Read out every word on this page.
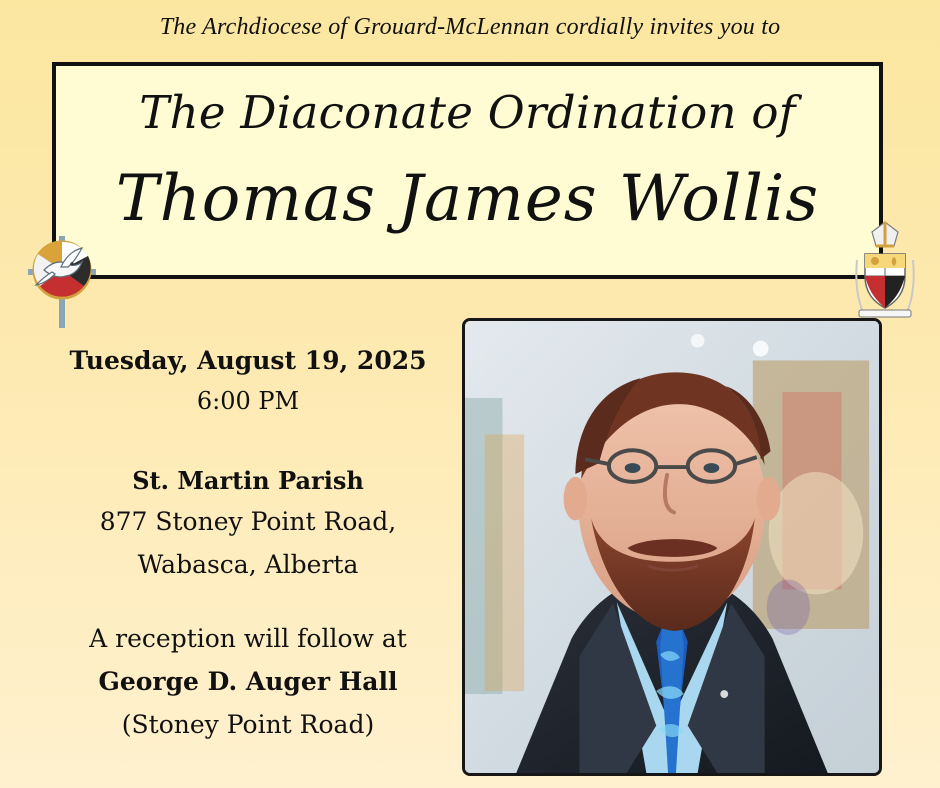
The Archdiocese of Grouard-McLennan cordially invites you to
The Diaconate Ordination of
Thomas James Wollis
Tuesday, August 19, 2025
6:00 PM
St. Martin Parish
877 Stoney Point Road,
Wabasca, Alberta
A reception will follow at
George D. Auger Hall
(Stoney Point Road)
